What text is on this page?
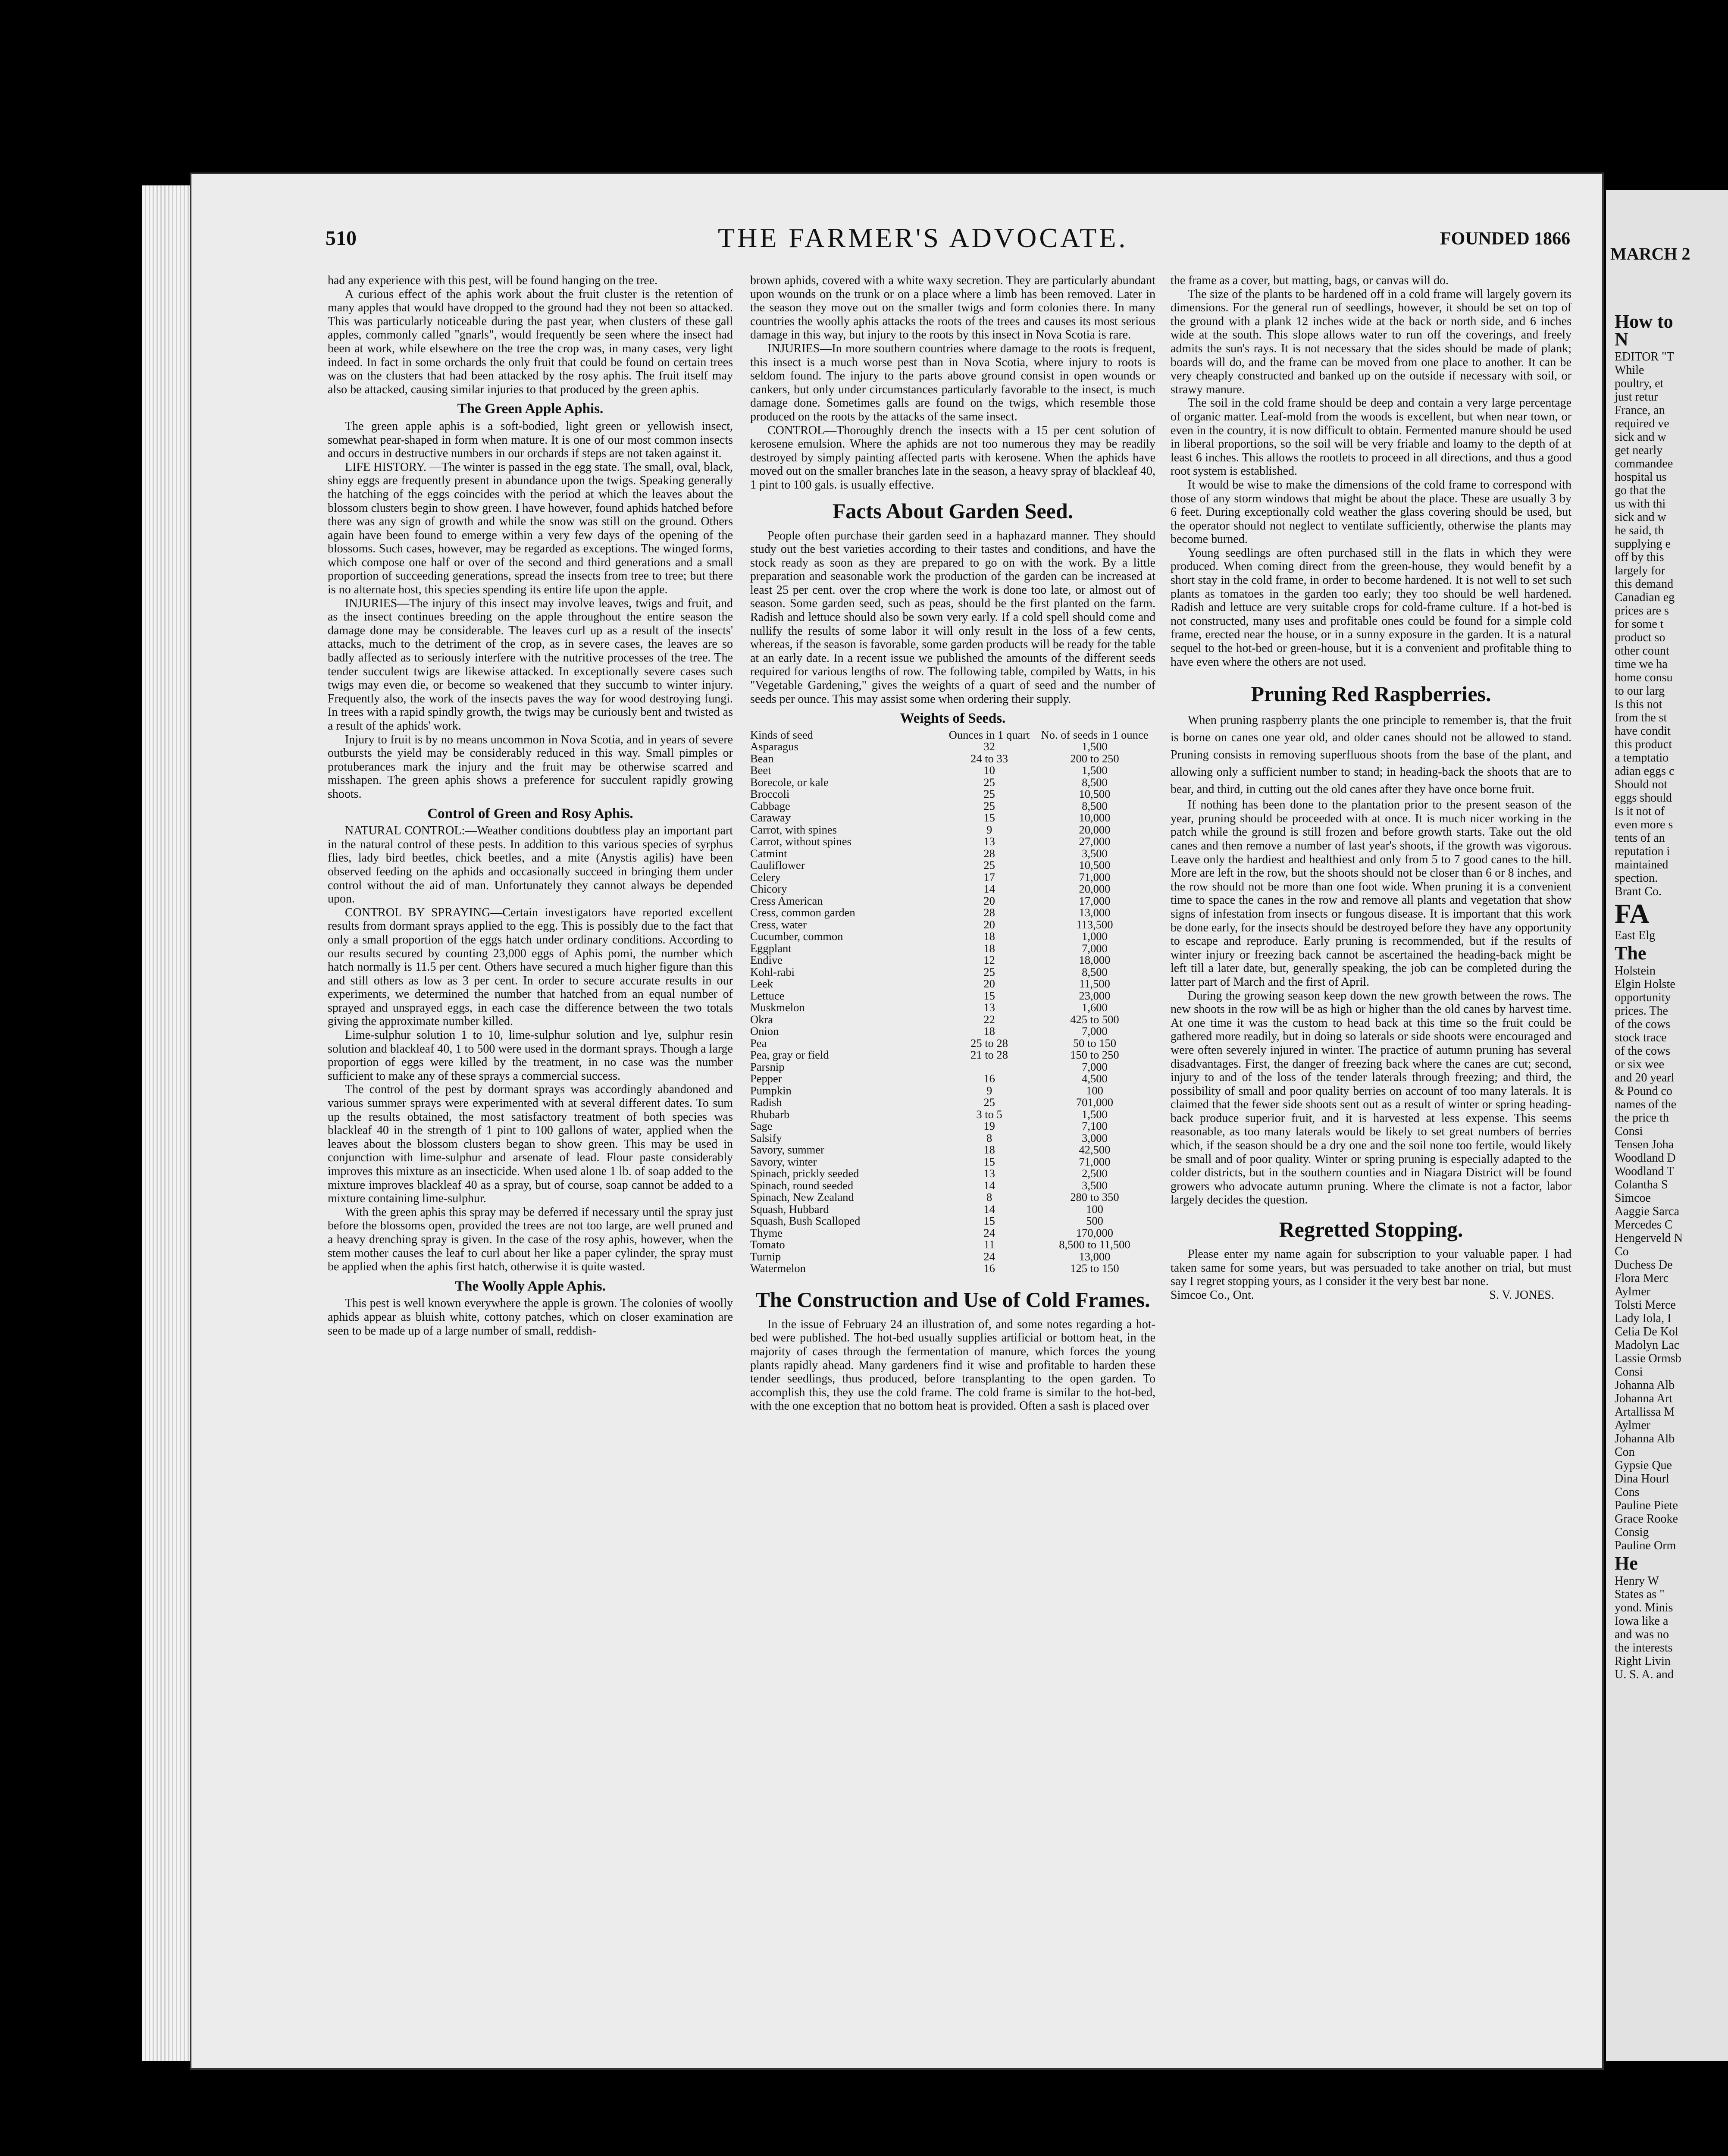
510	THE FARMER'S ADVOCATE.	FOUNDED 1866

had any experience with this pest, will be found hanging on the tree.

A curious effect of the aphis work about the fruit cluster is the retention of many apples that would have dropped to the ground had they not been so attacked. This was particularly noticeable during the past year, when clusters of these gall apples, commonly called "gnarls", would frequently be seen where the insect had been at work, while elsewhere on the tree the crop was, in many cases, very light indeed. In fact in some orchards the only fruit that could be found on certain trees was on the clusters that had been attacked by the rosy aphis. The fruit itself may also be attacked, causing similar injuries to that produced by the green aphis.

The Green Apple Aphis.

The green apple aphis is a soft-bodied, light green or yellowish insect, somewhat pear-shaped in form when mature. It is one of our most common insects and occurs in destructive numbers in our orchards if steps are not taken against it.

LIFE HISTORY. —The winter is passed in the egg state. The small, oval, black, shiny eggs are frequently present in abundance upon the twigs. Speaking generally the hatching of the eggs coincides with the period at which the leaves about the blossom clusters begin to show green. I have however, found aphids hatched before there was any sign of growth and while the snow was still on the ground. Others again have been found to emerge within a very few days of the opening of the blossoms. Such cases, however, may be regarded as exceptions. The winged forms, which compose one half or over of the second and third generations and a small proportion of succeeding generations, spread the insects from tree to tree; but there is no alternate host, this species spending its entire life upon the apple.

INJURIES—The injury of this insect may involve leaves, twigs and fruit, and as the insect continues breeding on the apple throughout the entire season the damage done may be considerable. The leaves curl up as a result of the insects' attacks, much to the detriment of the crop, as in severe cases, the leaves are so badly affected as to seriously interfere with the nutritive processes of the tree. The tender succulent twigs are likewise attacked. In exceptionally severe cases such twigs may even die, or become so weakened that they succumb to winter injury. Frequently also, the work of the insects paves the way for wood destroying fungi. In trees with a rapid spindly growth, the twigs may be curiously bent and twisted as a result of the aphids' work.

Injury to fruit is by no means uncommon in Nova Scotia, and in years of severe outbursts the yield may be considerably reduced in this way. Small pimples or protuberances mark the injury and the fruit may be otherwise scarred and misshapen. The green aphis shows a preference for succulent rapidly growing shoots.

Control of Green and Rosy Aphis.

NATURAL CONTROL:—Weather conditions doubtless play an important part in the natural control of these pests. In addition to this various species of syrphus flies, lady bird beetles, chick beetles, and a mite (Anystis agilis) have been observed feeding on the aphids and occasionally succeed in bringing them under control without the aid of man. Unfortunately they cannot always be depended upon.

CONTROL BY SPRAYING—Certain investigators have reported excellent results from dormant sprays applied to the egg. This is possibly due to the fact that only a small proportion of the eggs hatch under ordinary conditions. According to our results secured by counting 23,000 eggs of Aphis pomi, the number which hatch normally is 11.5 per cent. Others have secured a much higher figure than this and still others as low as 3 per cent. In order to secure accurate results in our experiments, we determined the number that hatched from an equal number of sprayed and unsprayed eggs, in each case the difference between the two totals giving the approximate number killed.

Lime-sulphur solution 1 to 10, lime-sulphur solution and lye, sulphur resin solution and blackleaf 40, 1 to 500 were used in the dormant sprays. Though a large proportion of eggs were killed by the treatment, in no case was the number sufficient to make any of these sprays a commercial success.

The control of the pest by dormant sprays was accordingly abandoned and various summer sprays were experimented with at several different dates. To sum up the results obtained, the most satisfactory treatment of both species was blackleaf 40 in the strength of 1 pint to 100 gallons of water, applied when the leaves about the blossom clusters began to show green. This may be used in conjunction with lime-sulphur and arsenate of lead. Flour paste considerably improves this mixture as an insecticide. When used alone 1 lb. of soap added to the mixture improves blackleaf 40 as a spray, but of course, soap cannot be added to a mixture containing lime-sulphur.

With the green aphis this spray may be deferred if necessary until the spray just before the blossoms open, provided the trees are not too large, are well pruned and a heavy drenching spray is given. In the case of the rosy aphis, however, when the stem mother causes the leaf to curl about her like a paper cylinder, the spray must be applied when the aphis first hatch, otherwise it is quite wasted.

The Woolly Apple Aphis.

This pest is well known everywhere the apple is grown. The colonies of woolly aphids appear as bluish white, cottony patches, which on closer examination are seen to be made up of a large number of small, reddish-

brown aphids, covered with a white waxy secretion. They are particularly abundant upon wounds on the trunk or on a place where a limb has been removed. Later in the season they move out on the smaller twigs and form colonies there. In many countries the woolly aphis attacks the roots of the trees and causes its most serious damage in this way, but injury to the roots by this insect in Nova Scotia is rare.

INJURIES—In more southern countries where damage to the roots is frequent, this insect is a much worse pest than in Nova Scotia, where injury to roots is seldom found. The injury to the parts above ground consist in open wounds or cankers, but only under circumstances particularly favorable to the insect, is much damage done. Sometimes galls are found on the twigs, which resemble those produced on the roots by the attacks of the same insect.

CONTROL—Thoroughly drench the insects with a 15 per cent solution of kerosene emulsion. Where the aphids are not too numerous they may be readily destroyed by simply painting affected parts with kerosene. When the aphids have moved out on the smaller branches late in the season, a heavy spray of blackleaf 40, 1 pint to 100 gals. is usually effective.

Facts About Garden Seed.

People often purchase their garden seed in a haphazard manner. They should study out the best varieties according to their tastes and conditions, and have the stock ready as soon as they are prepared to go on with the work. By a little preparation and seasonable work the production of the garden can be increased at least 25 per cent. over the crop where the work is done too late, or almost out of season. Some garden seed, such as peas, should be the first planted on the farm. Radish and lettuce should also be sown very early. If a cold spell should come and nullify the results of some labor it will only result in the loss of a few cents, whereas, if the season is favorable, some garden products will be ready for the table at an early date. In a recent issue we published the amounts of the different seeds required for various lengths of row. The following table, compiled by Watts, in his "Vegetable Gardening," gives the weights of a quart of seed and the number of seeds per ounce. This may assist some when ordering their supply.

Weights of Seeds.
Kinds of seed	Ounces in 1 quart	No. of seeds in 1 ounce
Asparagus	32	1,500
Bean	24 to 33	200 to 250
Beet	10	1,500
Borecole, or kale	25	8,500
Broccoli	25	10,500
Cabbage	25	8,500
Caraway	15	10,000
Carrot, with spines	9	20,000
Carrot, without spines	13	27,000
Catmint	28	3,500
Cauliflower	25	10,500
Celery	17	71,000
Chicory	14	20,000
Cress American	20	17,000
Cress, common garden	28	13,000
Cress, water	20	113,500
Cucumber, common	18	1,000
Eggplant	18	7,000
Endive	12	18,000
Kohl-rabi	25	8,500
Leek	20	11,500
Lettuce	15	23,000
Muskmelon	13	1,600
Okra	22	425 to 500
Onion	18	7,000
Pea	25 to 28	50 to 150
Pea, gray or field	21 to 28	150 to 250
Parsnip		7,000
Pepper	16	4,500
Pumpkin	9	100
Radish	25	701,000
Rhubarb	3 to 5	1,500
Sage	19	7,100
Salsify	8	3,000
Savory, summer	18	42,500
Savory, winter	15	71,000
Spinach, prickly seeded	13	2,500
Spinach, round seeded	14	3,500
Spinach, New Zealand	8	280 to 350
Squash, Hubbard	14	100
Squash, Bush Scalloped	15	500
Thyme	24	170,000
Tomato	11	8,500 to 11,500
Turnip	24	13,000
Watermelon	16	125 to 150
The Construction and Use of Cold Frames.

In the issue of February 24 an illustration of, and some notes regarding a hot-bed were published. The hot-bed usually supplies artificial or bottom heat, in the majority of cases through the fermentation of manure, which forces the young plants rapidly ahead. Many gardeners find it wise and profitable to harden these tender seedlings, thus produced, before transplanting to the open garden. To accomplish this, they use the cold frame. The cold frame is similar to the hot-bed, with the one exception that no bottom heat is provided. Often a sash is placed over

the frame as a cover, but matting, bags, or canvas will do.

The size of the plants to be hardened off in a cold frame will largely govern its dimensions. For the general run of seedlings, however, it should be set on top of the ground with a plank 12 inches wide at the back or north side, and 6 inches wide at the south. This slope allows water to run off the coverings, and freely admits the sun's rays. It is not necessary that the sides should be made of plank; boards will do, and the frame can be moved from one place to another. It can be very cheaply constructed and banked up on the outside if necessary with soil, or strawy manure.

The soil in the cold frame should be deep and contain a very large percentage of organic matter. Leaf-mold from the woods is excellent, but when near town, or even in the country, it is now difficult to obtain. Fermented manure should be used in liberal proportions, so the soil will be very friable and loamy to the depth of at least 6 inches. This allows the rootlets to proceed in all directions, and thus a good root system is established.

It would be wise to make the dimensions of the cold frame to correspond with those of any storm windows that might be about the place. These are usually 3 by 6 feet. During exceptionally cold weather the glass covering should be used, but the operator should not neglect to ventilate sufficiently, otherwise the plants may become burned.

Young seedlings are often purchased still in the flats in which they were produced. When coming direct from the green-house, they would benefit by a short stay in the cold frame, in order to become hardened. It is not well to set such plants as tomatoes in the garden too early; they too should be well hardened. Radish and lettuce are very suitable crops for cold-frame culture. If a hot-bed is not constructed, many uses and profitable ones could be found for a simple cold frame, erected near the house, or in a sunny exposure in the garden. It is a natural sequel to the hot-bed or green-house, but it is a convenient and profitable thing to have even where the others are not used.

Pruning Red Raspberries.

When pruning raspberry plants the one principle to remember is, that the fruit is borne on canes one year old, and older canes should not be allowed to stand. Pruning consists in removing superfluous shoots from the base of the plant, and allowing only a sufficient number to stand; in heading-back the shoots that are to bear, and third, in cutting out the old canes after they have once borne fruit.

If nothing has been done to the plantation prior to the present season of the year, pruning should be proceeded with at once. It is much nicer working in the patch while the ground is still frozen and before growth starts. Take out the old canes and then remove a number of last year's shoots, if the growth was vigorous. Leave only the hardiest and healthiest and only from 5 to 7 good canes to the hill. More are left in the row, but the shoots should not be closer than 6 or 8 inches, and the row should not be more than one foot wide. When pruning it is a convenient time to space the canes in the row and remove all plants and vegetation that show signs of infestation from insects or fungous disease. It is important that this work be done early, for the insects should be destroyed before they have any opportunity to escape and reproduce. Early pruning is recommended, but if the results of winter injury or freezing back cannot be ascertained the heading-back might be left till a later date, but, generally speaking, the job can be completed during the latter part of March and the first of April.

During the growing season keep down the new growth between the rows. The new shoots in the row will be as high or higher than the old canes by harvest time. At one time it was the custom to head back at this time so the fruit could be gathered more readily, but in doing so laterals or side shoots were encouraged and were often severely injured in winter. The practice of autumn pruning has several disadvantages. First, the danger of freezing back where the canes are cut; second, injury to and of the loss of the tender laterals through freezing; and third, the possibility of small and poor quality berries on account of too many laterals. It is claimed that the fewer side shoots sent out as a result of winter or spring heading-back produce superior fruit, and it is harvested at less expense. This seems reasonable, as too many laterals would be likely to set great numbers of berries which, if the season should be a dry one and the soil none too fertile, would likely be small and of poor quality. Winter or spring pruning is especially adapted to the colder districts, but in the southern counties and in Niagara District will be found growers who advocate autumn pruning. Where the climate is not a factor, labor largely decides the question.

Regretted Stopping.

Please enter my name again for subscription to your valuable paper. I had taken same for some years, but was persuaded to take another on trial, but must say I regret stopping yours, as I consider it the very best bar none.

Simcoe Co., Ont.	S. V. JONES.
MARCH 2
How to
N
EDITOR "T
While
poultry, et
just retur
France, an
required ve
sick and w
get nearly
commandee
hospital us
go that the
us with thi
sick and w
he said, th
supplying e
off by this
largely for
this demand
Canadian eg
prices are s
for some t
product so
other count
time we ha
home consu
to our larg
Is this not
from the st
have condit
this product
a temptatio
adian eggs c
Should not
eggs should
Is it not of
even more s
tents of an
reputation i
maintained
spection.
Brant Co.
FA
East Elg
The
Holstein
Elgin Holste
opportunity
prices. The
of the cows
stock trace
of the cows
or six wee
and 20 yearl
& Pound co
names of the
the price th
Consi
Tensen Joha
Woodland D
Woodland T
Colantha S
Simcoe
Aaggie Sarca
Mercedes C
Hengerveld N
Co
Duchess De
Flora Merc
Aylmer
Tolsti Merce
Lady Iola, I
Celia De Kol
Madolyn Lac
Lassie Ormsb
Consi
Johanna Alb
Johanna Art
Artallissa M
Aylmer
Johanna Alb
Con
Gypsie Que
Dina Hourl
Cons
Pauline Piete
Grace Rooke
Consig
Pauline Orm
He
Henry W
States as "
yond. Minis
Iowa like a
and was no
the interests
Right Livin
U. S. A. and
